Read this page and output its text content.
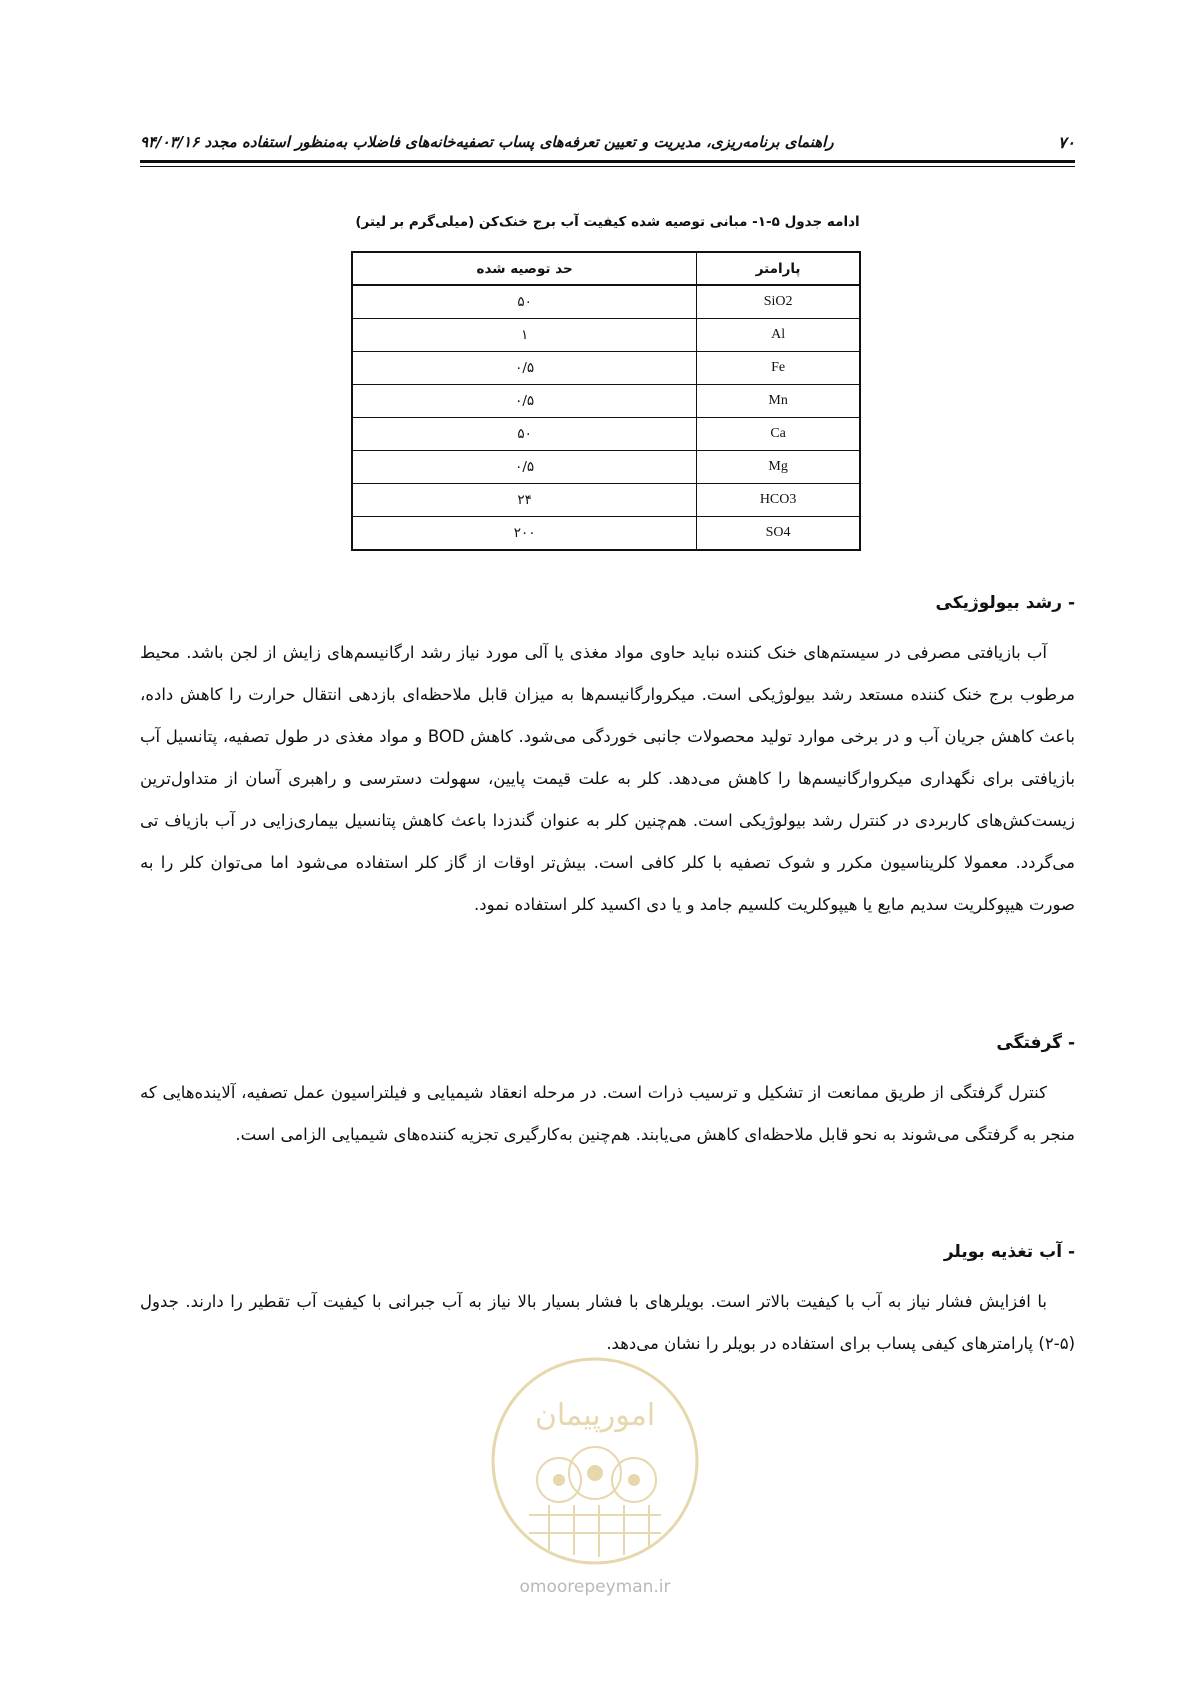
۷۰
راهنمای برنامه‌ریزی، مدیریت و تعیین تعرفه‌های پساب تصفیه‌خانه‌های فاضلاب به‌منظور استفاده مجدد ۹۴/۰۳/۱۶
ادامه جدول ۵-۱- مبانی توصیه شده کیفیت آب برج خنک‌کن (میلی‌گرم بر لیتر)
پارامتر	حد توصیه شده
SiO2	۵۰
Al	۱
Fe	۰/۵
Mn	۰/۵
Ca	۵۰
Mg	۰/۵
HCO3	۲۴
SO4	۲۰۰
- رشد بیولوژیکی

آب بازیافتی مصرفی در سیستم‌های خنک کننده نباید حاوی مواد مغذی یا آلی مورد نیاز رشد ارگانیسم‌های زایش از لجن باشد. محیط مرطوب برج خنک کننده مستعد رشد بیولوژیکی است. میکروارگانیسم‌ها به میزان قابل ملاحظه‌ای بازدهی انتقال حرارت را کاهش داده، باعث کاهش جریان آب و در برخی موارد تولید محصولات جانبی خوردگی می‌شود. کاهش BOD و مواد مغذی در طول تصفیه، پتانسیل آب بازیافتی برای نگهداری میکروارگانیسم‌ها را کاهش می‌دهد. کلر به علت قیمت پایین، سهولت دسترسی و راهبری آسان از متداول‌ترین زیست‌کش‌های کاربردی در کنترل رشد بیولوژیکی است. هم‌چنین کلر به عنوان گندزدا باعث کاهش پتانسیل بیماری‌زایی در آب بازیاف تی می‌گردد. معمولا کلریناسیون مکرر و شوک تصفیه با کلر کافی است. بیش‌تر اوقات از گاز کلر استفاده می‌شود اما می‌توان کلر را به صورت هیپوکلریت سدیم مایع یا هیپوکلریت کلسیم جامد و یا دی اکسید کلر استفاده نمود.

- گرفتگی

کنترل گرفتگی از طریق ممانعت از تشکیل و ترسیب ذرات است. در مرحله انعقاد شیمیایی و فیلتراسیون عمل تصفیه، آلاینده‌هایی که منجر به گرفتگی می‌شوند به نحو قابل ملاحظه‌ای کاهش می‌یابند. هم‌چنین به‌کارگیری تجزیه کننده‌های شیمیایی الزامی است.

- آب تغذیه بویلر

با افزایش فشار نیاز به آب با کیفیت بالاتر است. بویلرهای با فشار بسیار بالا نیاز به آب جبرانی با کیفیت آب تقطیر را دارند. جدول (۵-۲) پارامترهای کیفی پساب برای استفاده در بویلر را نشان می‌دهد.

امورپیمان
omoorepeyman.ir
